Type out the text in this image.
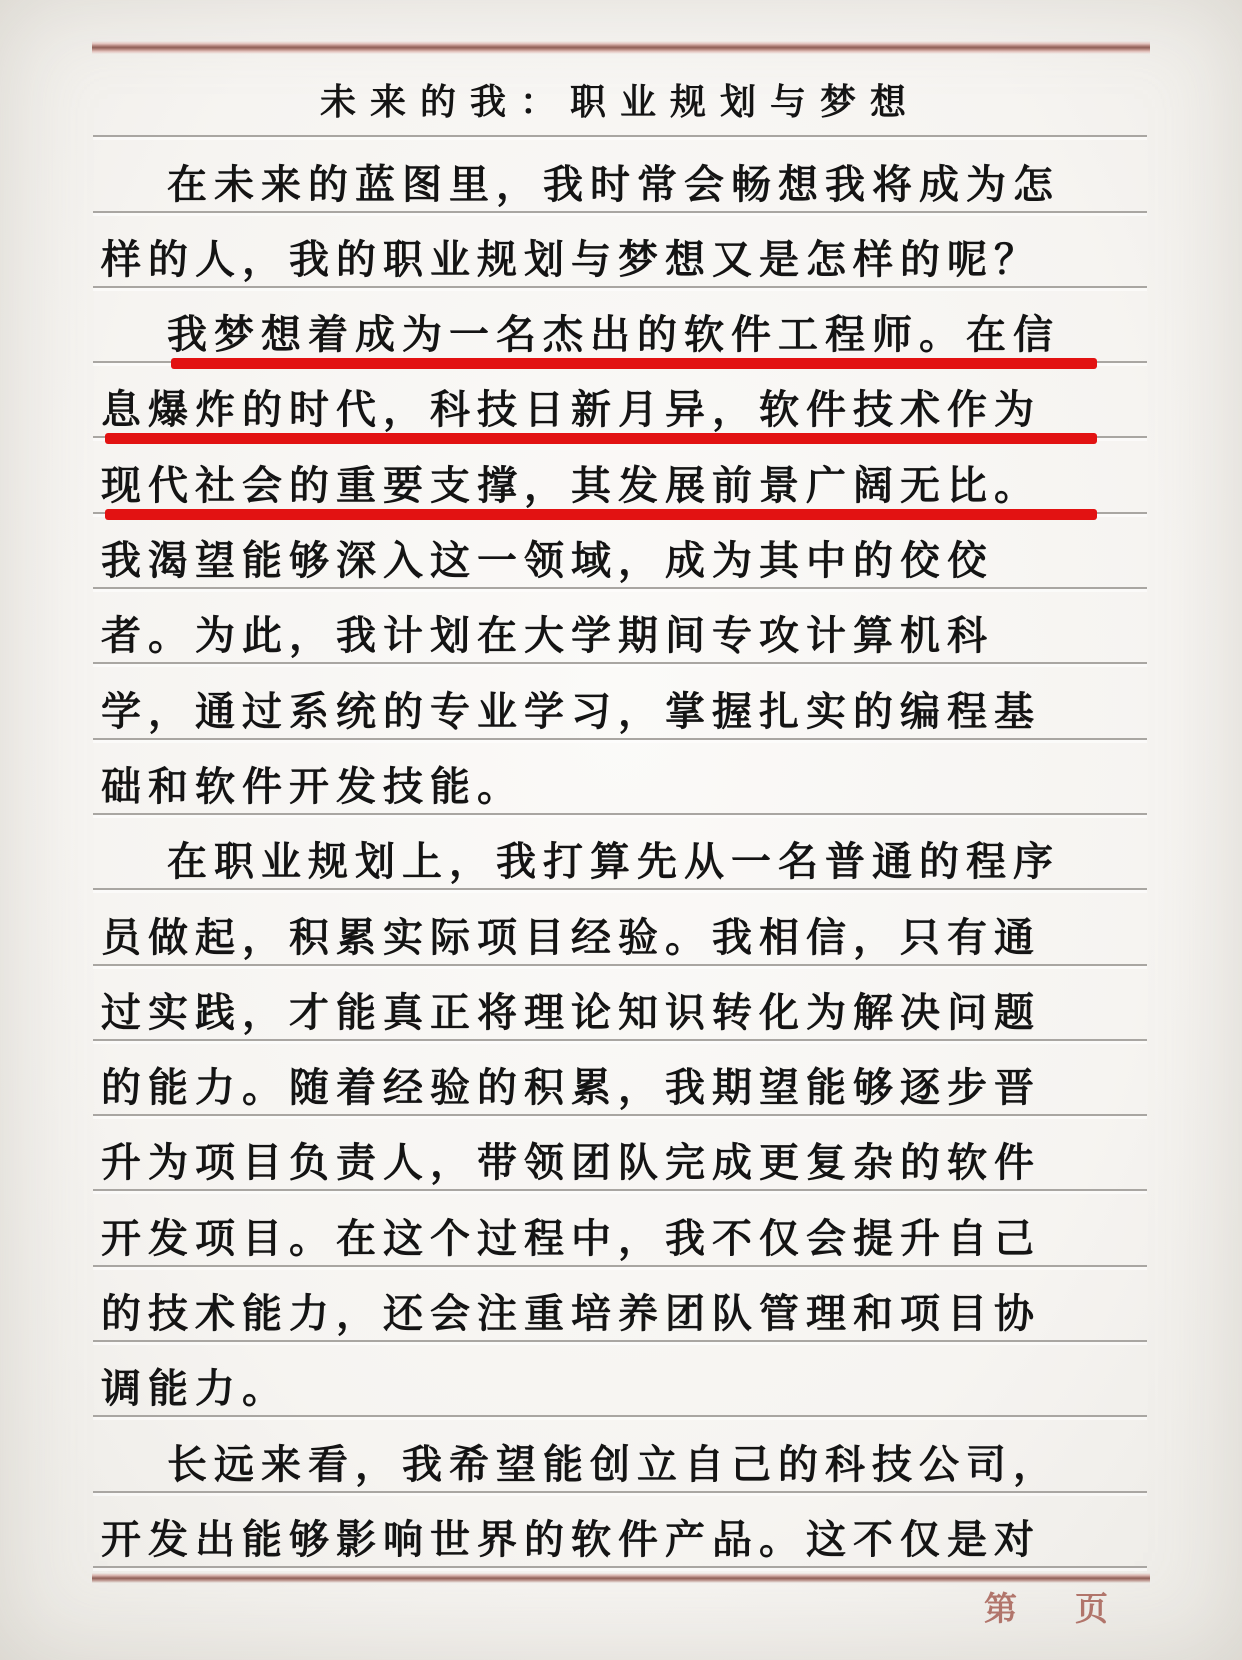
未来的我：职业规划与梦想
在未来的蓝图里，我时常会畅想我将成为怎
样的人，我的职业规划与梦想又是怎样的呢？
我梦想着成为一名杰出的软件工程师。在信
息爆炸的时代，科技日新月异，软件技术作为
现代社会的重要支撑，其发展前景广阔无比。
我渴望能够深入这一领域，成为其中的佼佼
者。为此，我计划在大学期间专攻计算机科
学，通过系统的专业学习，掌握扎实的编程基
础和软件开发技能。
在职业规划上，我打算先从一名普通的程序
员做起，积累实际项目经验。我相信，只有通
过实践，才能真正将理论知识转化为解决问题
的能力。随着经验的积累，我期望能够逐步晋
升为项目负责人，带领团队完成更复杂的软件
开发项目。在这个过程中，我不仅会提升自己
的技术能力，还会注重培养团队管理和项目协
调能力。
长远来看，我希望能创立自己的科技公司，
开发出能够影响世界的软件产品。这不仅是对
第 页
